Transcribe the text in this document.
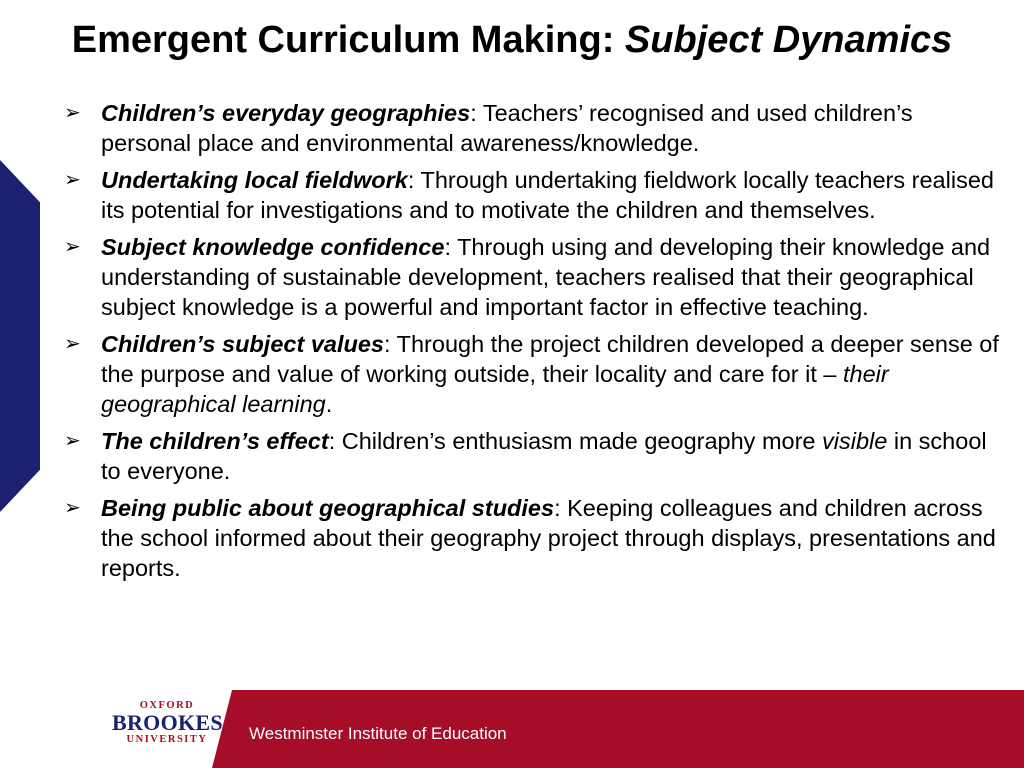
Emergent Curriculum Making: Subject Dynamics
➢ Children’s everyday geographies: Teachers’ recognised and used children’s personal place and environmental awareness/knowledge.
➢ Undertaking local fieldwork: Through undertaking fieldwork locally teachers realised its potential for investigations and to motivate the children and themselves.
➢ Subject knowledge confidence: Through using and developing their knowledge and understanding of sustainable development, teachers realised that their geographical subject knowledge is a powerful and important factor in effective teaching.
➢ Children’s subject values: Through the project children developed a deeper sense of the purpose and value of working outside, their locality and care for it – their geographical learning.
➢ The children’s effect: Children’s enthusiasm made geography more visible in school to everyone.
➢ Being public about geographical studies: Keeping colleagues and children across the school informed about their geography project through displays, presentations and reports.
Westminster Institute of Education
OXFORD
BROOKES
UNIVERSITY
